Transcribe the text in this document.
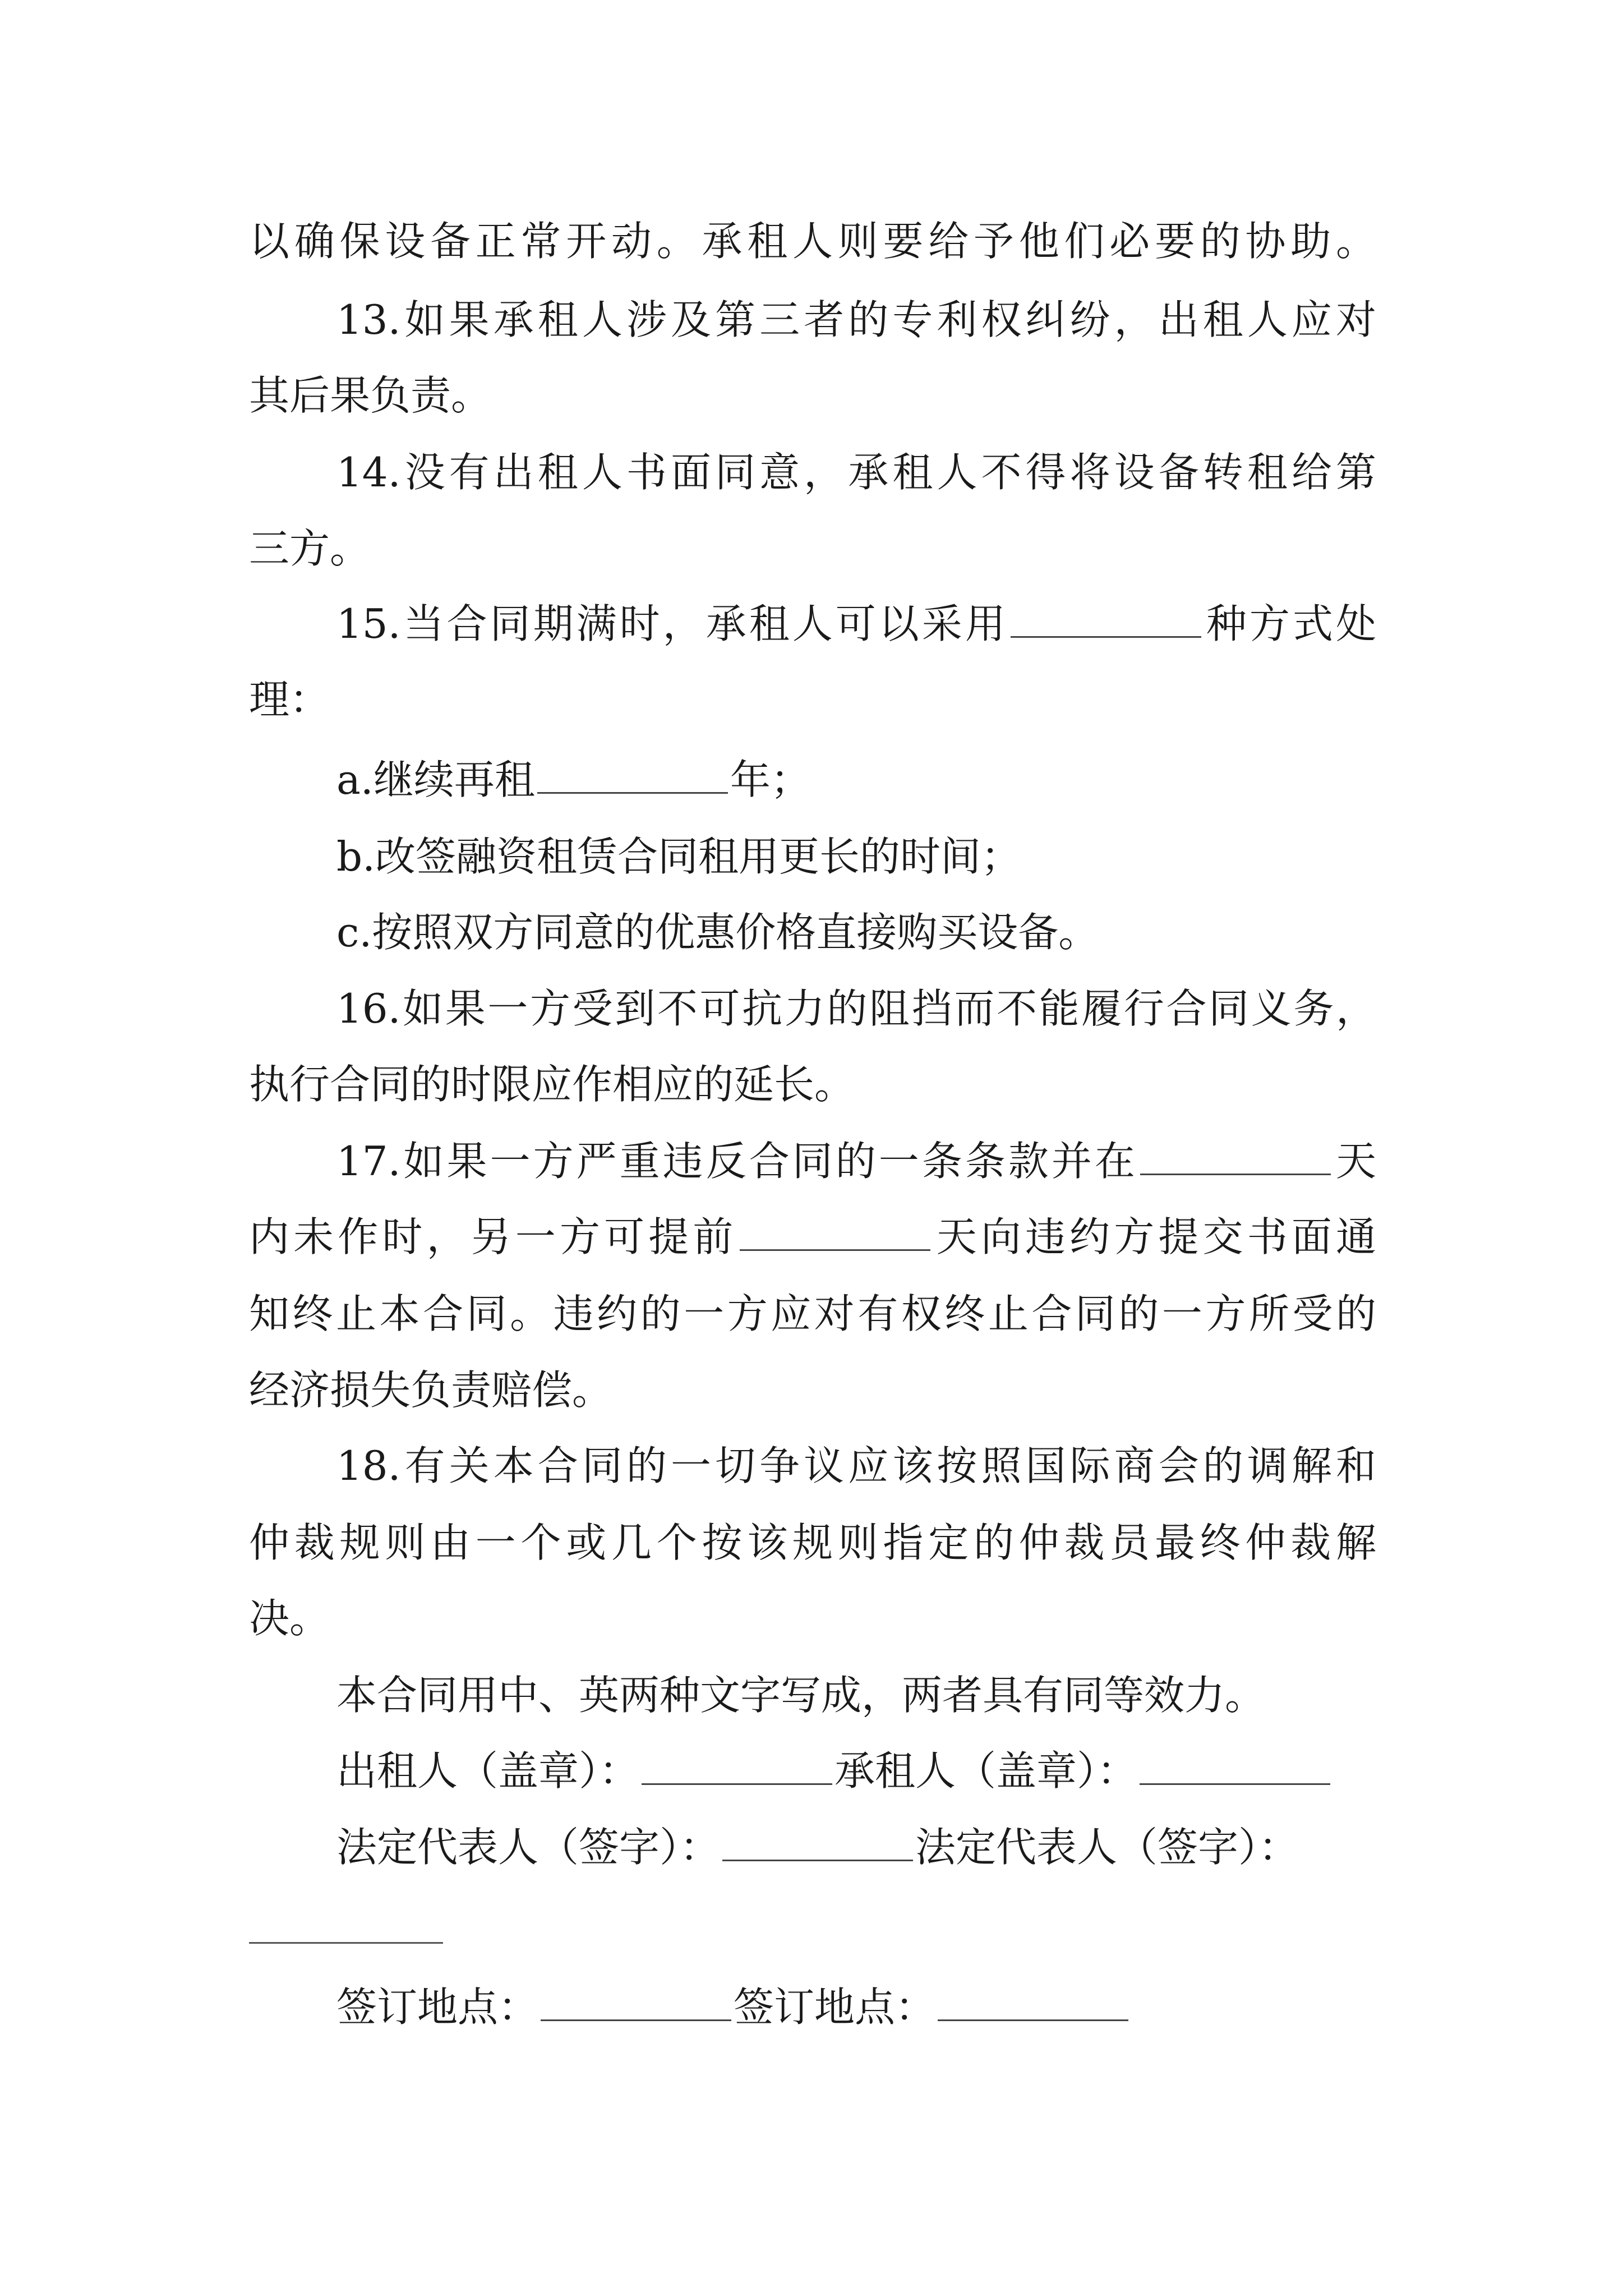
以确保设备正常开动。承租人则要给予他们必要的协助。
13.如果承租人涉及第三者的专利权纠纷，出租人应对
其后果负责。
14.没有出租人书面同意，承租人不得将设备转租给第
三方。
15.当合同期满时，承租人可以采用	种方式处
理：
a.继续再租	年；
b.改签融资租赁合同租用更长的时间；
c.按照双方同意的优惠价格直接购买设备。
16.如果一方受到不可抗力的阻挡而不能履行合同义务，
执行合同的时限应作相应的延长。
17.如果一方严重违反合同的一条条款并在	天
内未作时，另一方可提前	天向违约方提交书面通
知终止本合同。违约的一方应对有权终止合同的一方所受的
经济损失负责赔偿。
18.有关本合同的一切争议应该按照国际商会的调解和
仲裁规则由一个或几个按该规则指定的仲裁员最终仲裁解
决。
本合同用中、英两种文字写成，两者具有同等效力。
出租人（盖章）：	承租人（盖章）：
法定代表人（签字）：	法定代表人（签字）：
签订地点：	签订地点：
